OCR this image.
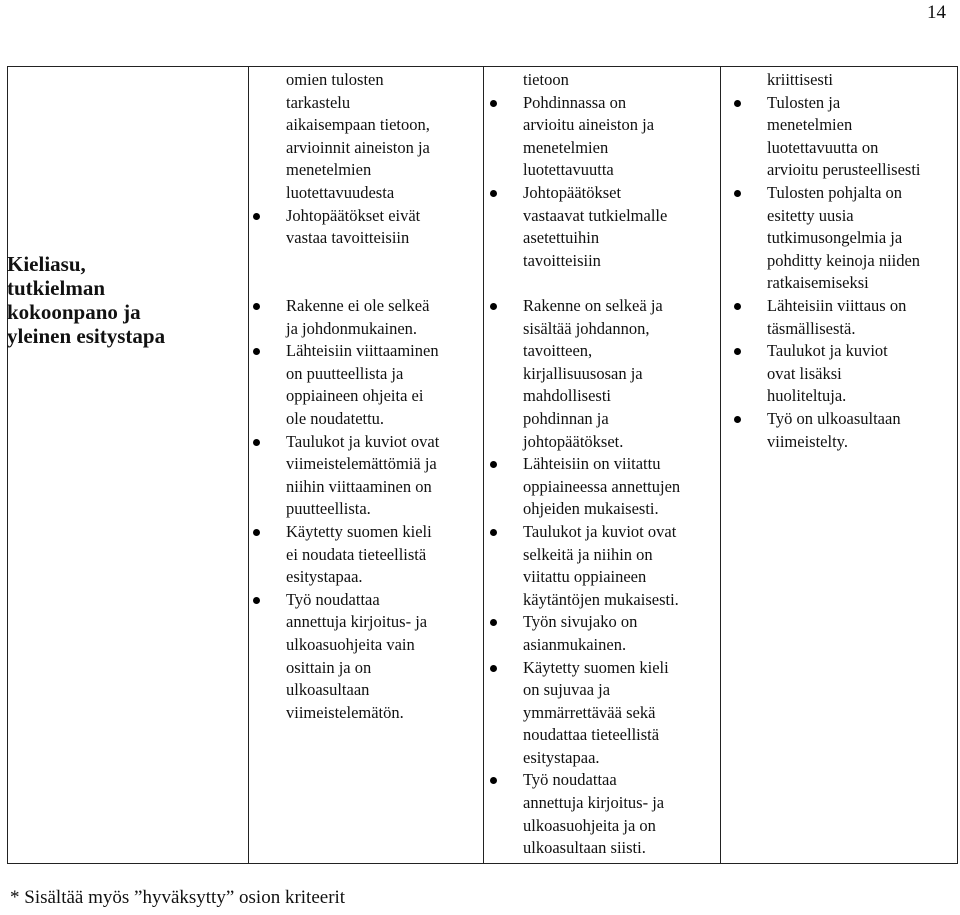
14
Kieliasu, tutkielman
kokoonpano ja
yleinen esitystapa
omien tulosten
tarkastelu
aikaisempaan tietoon,
arvioinnit aineiston ja
menetelmien
luotettavuudesta
Johtopäätökset eivät
vastaa tavoitteisiin
Rakenne ei ole selkeä
ja johdonmukainen.
Lähteisiin viittaaminen
on puutteellista ja
oppiaineen ohjeita ei
ole noudatettu.
Taulukot ja kuviot ovat
viimeistelemättömiä ja
niihin viittaaminen on
puutteellista.
Käytetty suomen kieli
ei noudata tieteellistä
esitystapaa.
Työ noudattaa
annettuja kirjoitus- ja
ulkoasuohjeita vain
osittain ja on
ulkoasultaan
viimeistelemätön.
tietoon
Pohdinnassa on
arvioitu aineiston ja
menetelmien
luotettavuutta
Johtopäätökset
vastaavat tutkielmalle
asetettuihin
tavoitteisiin
Rakenne on selkeä ja
sisältää johdannon,
tavoitteen,
kirjallisuusosan ja
mahdollisesti
pohdinnan ja
johtopäätökset.
Lähteisiin on viitattu
oppiaineessa annettujen
ohjeiden mukaisesti.
Taulukot ja kuviot ovat
selkeitä ja niihin on
viitattu oppiaineen
käytäntöjen mukaisesti.
Työn sivujako on
asianmukainen.
Käytetty suomen kieli
on sujuvaa ja
ymmärrettävää sekä
noudattaa tieteellistä
esitystapaa.
Työ noudattaa
annettuja kirjoitus- ja
ulkoasuohjeita ja on
ulkoasultaan siisti.
kriittisesti
Tulosten ja
menetelmien
luotettavuutta on
arvioitu perusteellisesti
Tulosten pohjalta on
esitetty uusia
tutkimusongelmia ja
pohditty keinoja niiden
ratkaisemiseksi
Lähteisiin viittaus on
täsmällisestä.
Taulukot ja kuviot
ovat lisäksi
huoliteltuja.
Työ on ulkoasultaan
viimeistelty.
* Sisältää myös ”hyväksytty” osion kriteerit
